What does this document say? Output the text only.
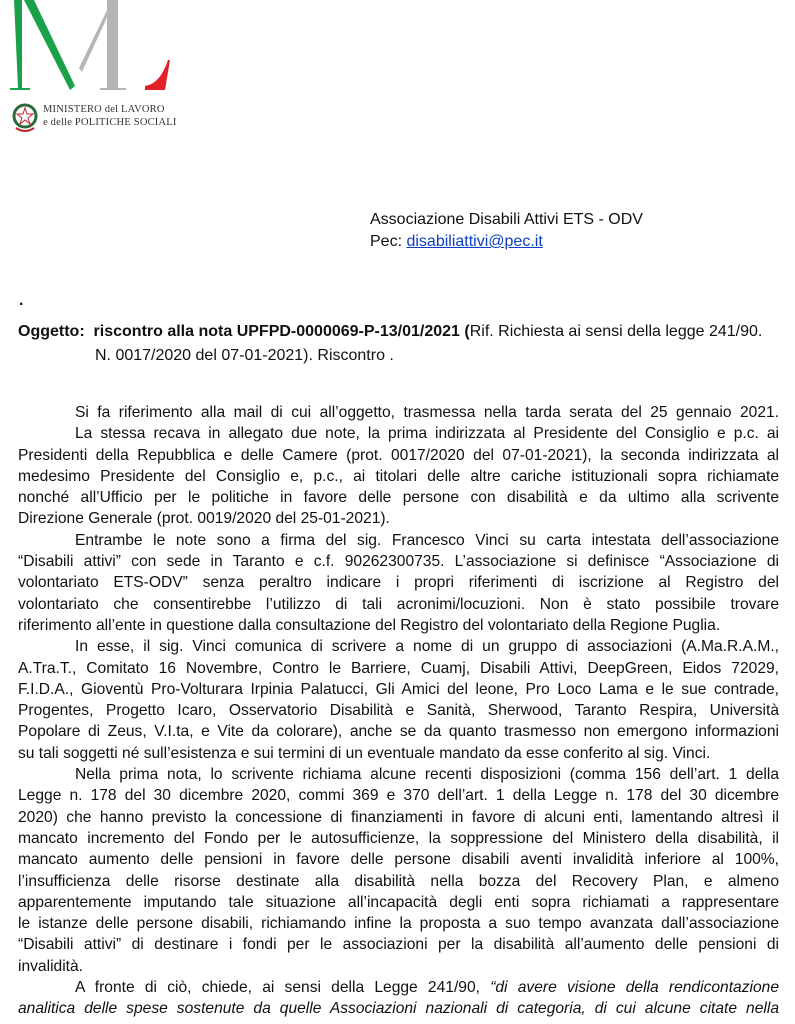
MINISTERO del LAVORO
e delle POLITICHE SOCIALI
Associazione Disabili Attivi ETS - ODV
Pec: disabiliattivi@pec.it
.
Oggetto: riscontro alla nota UPFPD-0000069-P-13/01/2021 (Rif. Richiesta ai sensi della legge 241/90.
N. 0017/2020 del 07-01-2021). Riscontro .
Si fa riferimento alla mail di cui all’oggetto, trasmessa nella tarda serata del 25 gennaio 2021.
La stessa recava in allegato due note, la prima indirizzata al Presidente del Consiglio e p.c. ai
Presidenti della Repubblica e delle Camere (prot. 0017/2020 del 07-01-2021), la seconda indirizzata al
medesimo Presidente del Consiglio e, p.c., ai titolari delle altre cariche istituzionali sopra richiamate
nonché all’Ufficio per le politiche in favore delle persone con disabilità e da ultimo alla scrivente
Direzione Generale (prot. 0019/2020 del 25-01-2021).
Entrambe le note sono a firma del sig. Francesco Vinci su carta intestata dell’associazione
“Disabili attivi” con sede in Taranto e c.f. 90262300735. L’associazione si definisce “Associazione di
volontariato ETS-ODV” senza peraltro indicare i propri riferimenti di iscrizione al Registro del
volontariato che consentirebbe l’utilizzo di tali acronimi/locuzioni. Non è stato possibile trovare
riferimento all’ente in questione dalla consultazione del Registro del volontariato della Regione Puglia.
In esse, il sig. Vinci comunica di scrivere a nome di un gruppo di associazioni (A.Ma.R.A.M.,
A.Tra.T., Comitato 16 Novembre, Contro le Barriere, Cuamj, Disabili Attivi, DeepGreen, Eidos 72029,
F.I.D.A., Gioventù Pro-Volturara Irpinia Palatucci, Gli Amici del leone, Pro Loco Lama e le sue contrade,
Progentes, Progetto Icaro, Osservatorio Disabilità e Sanità, Sherwood, Taranto Respira, Università
Popolare di Zeus, V.I.ta, e Vite da colorare), anche se da quanto trasmesso non emergono informazioni
su tali soggetti né sull’esistenza e sui termini di un eventuale mandato da esse conferito al sig. Vinci.
Nella prima nota, lo scrivente richiama alcune recenti disposizioni (comma 156 dell’art. 1 della
Legge n. 178 del 30 dicembre 2020, commi 369 e 370 dell’art. 1 della Legge n. 178 del 30 dicembre
2020) che hanno previsto la concessione di finanziamenti in favore di alcuni enti, lamentando altresì il
mancato incremento del Fondo per le autosufficienze, la soppressione del Ministero della disabilità, il
mancato aumento delle pensioni in favore delle persone disabili aventi invalidità inferiore al 100%,
l’insufficienza delle risorse destinate alla disabilità nella bozza del Recovery Plan, e almeno
apparentemente imputando tale situazione all’incapacità degli enti sopra richiamati a rappresentare
le istanze delle persone disabili, richiamando infine la proposta a suo tempo avanzata dall’associazione
“Disabili attivi” di destinare i fondi per le associazioni per la disabilità all’aumento delle pensioni di
invalidità.
A fronte di ciò, chiede, ai sensi della Legge 241/90, “di avere visione della rendicontazione
analitica delle spese sostenute da quelle Associazioni nazionali di categoria, di cui alcune citate nella
